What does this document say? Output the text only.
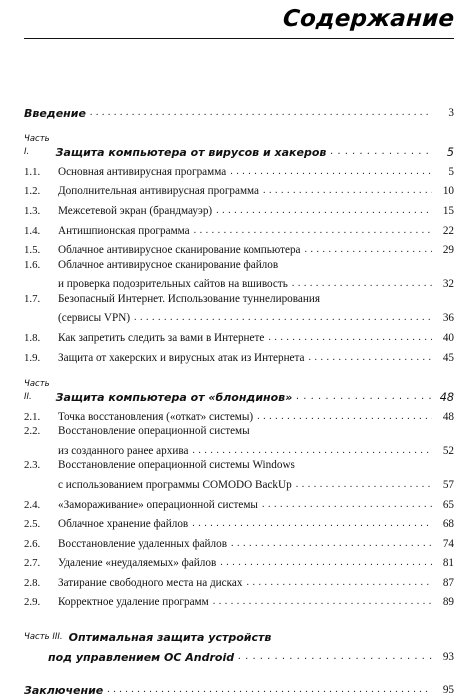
Содержание
Введение . . .	3
Часть I.	Защита компьютера от вирусов и хакеров . . .	5
1.1.	Основная антивирусная программа . . .	5
1.2.	Дополнительная антивирусная программа . . .	10
1.3.	Межсетевой экран (брандмауэр) . . .	15
1.4.	Антишпионская программа . . .	22
1.5.	Облачное антивирусное сканирование компьютера . . .	29
1.6.	Облачное антивирусное сканирование файлов
и проверка подозрительных сайтов на вшивость . . .	32
1.7.	Безопасный Интернет. Использование туннелирования
(сервисы VPN) . . .	36
1.8.	Как запретить следить за вами в Интернете . . .	40
1.9.	Защита от хакерских и вирусных атак из Интернета . . .	45
Часть II.	Защита компьютера от «блондинов» . . .	48
2.1.	Точка восстановления («откат» системы) . . .	48
2.2.	Восстановление операционной системы
из созданного ранее архива . . .	52
2.3.	Восстановление операционной системы Windows
с использованием программы COMODO BackUp . . .	57
2.4.	«Замораживание» операционной системы . . .	65
2.5.	Облачное хранение файлов . . .	68
2.6.	Восстановление удаленных файлов . . .	74
2.7.	Удаление «неудаляемых» файлов . . .	81
2.8.	Затирание свободного места на дисках . . .	87
2.9.	Корректное удаление программ . . .	89
Часть III. Оптимальная защита устройств
под управлением ОС Android . . .	93
Заключение . . .	95
